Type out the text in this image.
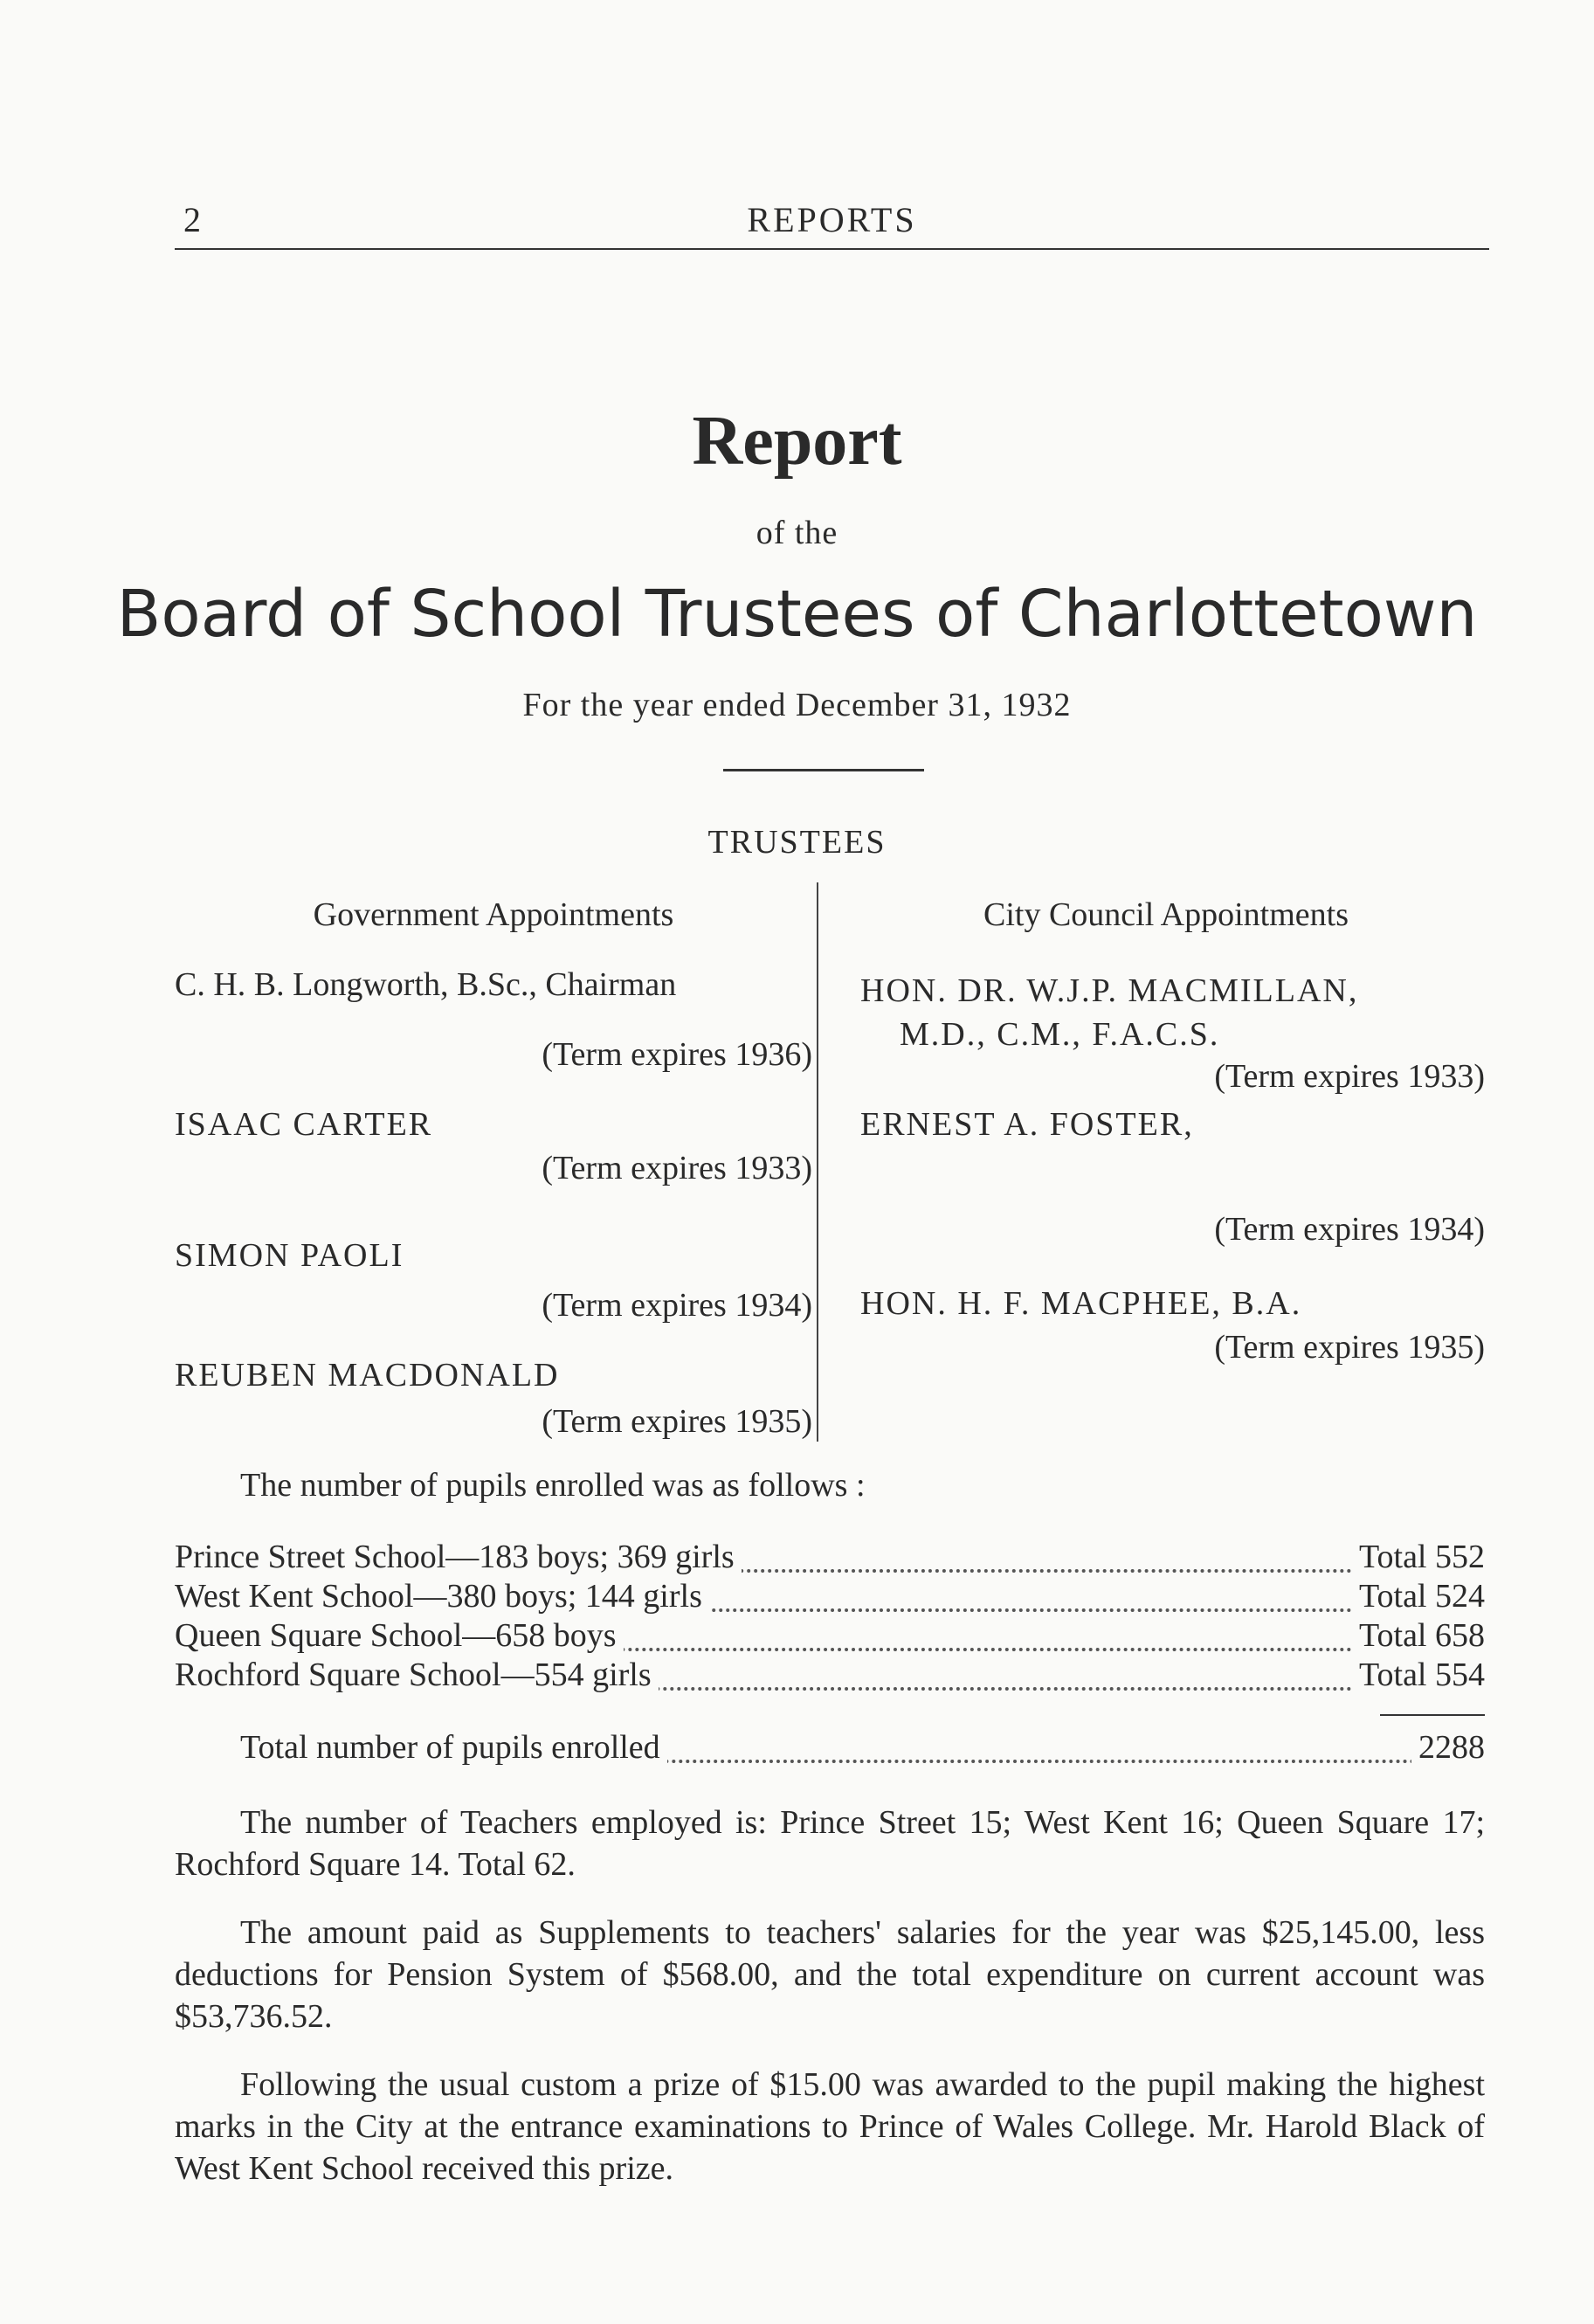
2	REPORTS
Report
of the
Board of School Trustees of Charlottetown
For the year ended December 31, 1932
TRUSTEES
Government Appointments	City Council Appointments
C. H. B. Longworth, B.Sc., Chairman
(Term expires 1936)
ISAAC CARTER
(Term expires 1933)
SIMON PAOLI
(Term expires 1934)
REUBEN MACDONALD
(Term expires 1935)
HON. DR. W.J.P. MACMILLAN,
M.D., C.M., F.A.C.S.
(Term expires 1933)
ERNEST A. FOSTER,
(Term expires 1934)
HON. H. F. MACPHEE, B.A.
(Term expires 1935)
The number of pupils enrolled was as follows :
Prince Street School—183 boys; 369 girls	Total 552
West Kent School—380 boys; 144 girls	Total 524
Queen Square School—658 boys	Total 658
Rochford Square School—554 girls	Total 554
Total number of pupils enrolled	2288
The number of Teachers employed is: Prince Street 15; West Kent 16; Queen Square 17; Rochford Square 14. Total 62.
The amount paid as Supplements to teachers' salaries for the year was $25,145.00, less deductions for Pension System of $568.00, and the total expenditure on current account was $53,736.52.
Following the usual custom a prize of $15.00 was awarded to the pupil making the highest marks in the City at the entrance examinations to Prince of Wales College. Mr. Harold Black of West Kent School received this prize.
